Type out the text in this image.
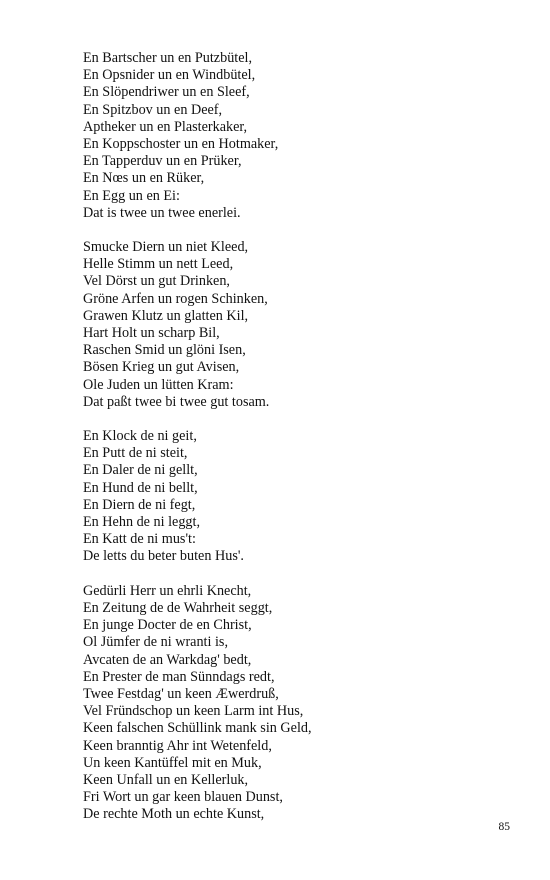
En Bartscher un en Putzbütel,
En Opsnider un en Windbütel,
En Slöpendriwer un en Sleef,
En Spitzbov un en Deef,
Aptheker un en Plasterkaker,
En Koppschoster un en Hotmaker,
En Tapperduv un en Prüker,
En Nœs un en Rüker,
En Egg un en Ei:
Dat is twee un twee enerlei.
Smucke Diern un niet Kleed,
Helle Stimm un nett Leed,
Vel Dörst un gut Drinken,
Gröne Arfen un rogen Schinken,
Grawen Klutz un glatten Kil,
Hart Holt un scharp Bil,
Raschen Smid un glöni Isen,
Bösen Krieg un gut Avisen,
Ole Juden un lütten Kram:
Dat paßt twee bi twee gut tosam.
En Klock de ni geit,
En Putt de ni steit,
En Daler de ni gellt,
En Hund de ni bellt,
En Diern de ni fegt,
En Hehn de ni leggt,
En Katt de ni mus't:
De letts du beter buten Hus'.
Gedürli Herr un ehrli Knecht,
En Zeitung de de Wahrheit seggt,
En junge Docter de en Christ,
Ol Jümfer de ni wranti is,
Avcaten de an Warkdag' bedt,
En Prester de man Sünndags redt,
Twee Festdag' un keen Æwerdruß,
Vel Fründschop un keen Larm int Hus,
Keen falschen Schüllink mank sin Geld,
Keen branntig Ahr int Wetenfeld,
Un keen Kantüffel mit en Muk,
Keen Unfall un en Kellerluk,
Fri Wort un gar keen blauen Dunst,
De rechte Moth un echte Kunst,
85
